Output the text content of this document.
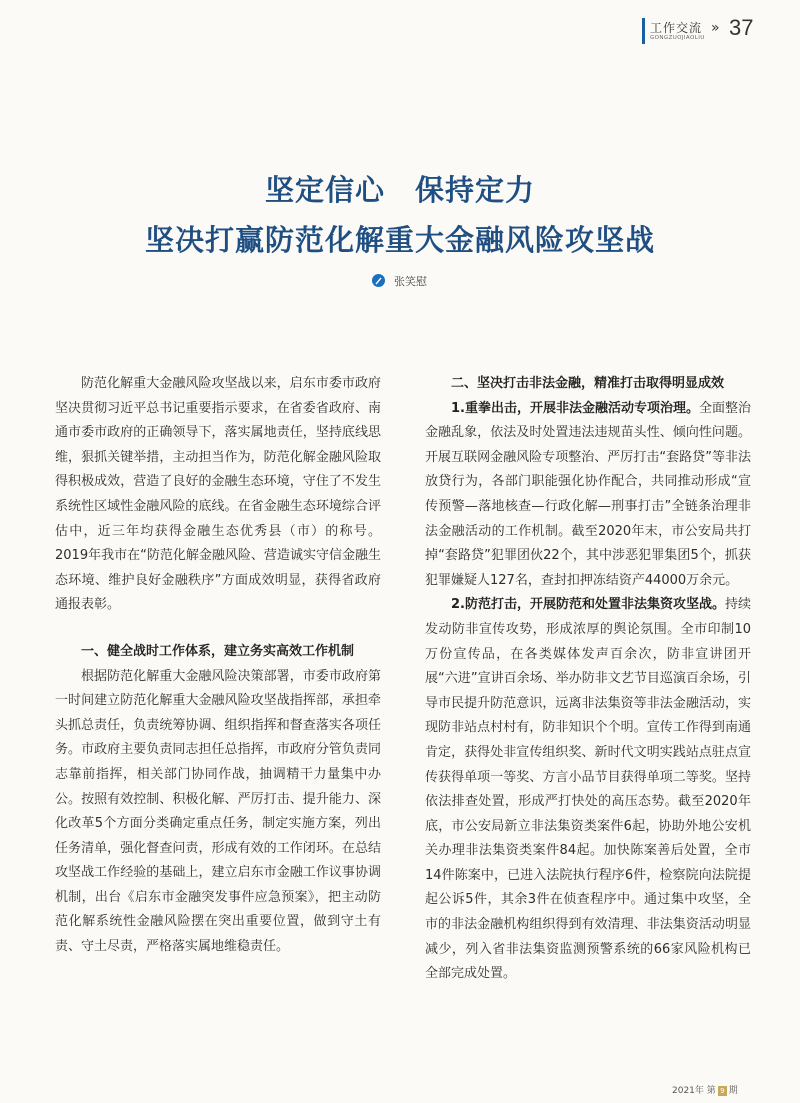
工作交流
GONGZUOJIAOLIU
» 37
坚定信心　保持定力
坚决打赢防范化解重大金融风险攻坚战
张笑慰

防范化解重大金融风险攻坚战以来，启东市委市政府坚决贯彻习近平总书记重要指示要求，在省委省政府、南通市委市政府的正确领导下，落实属地责任，坚持底线思维，狠抓关键举措，主动担当作为，防范化解金融风险取得积极成效，营造了良好的金融生态环境，守住了不发生系统性区域性金融风险的底线。在省金融生态环境综合评估中，近三年均获得金融生态优秀县（市）的称号。2019年我市在“防范化解金融风险、营造诚实守信金融生态环境、维护良好金融秩序”方面成效明显，获得省政府通报表彰。

一、健全战时工作体系，建立务实高效工作机制

根据防范化解重大金融风险决策部署，市委市政府第一时间建立防范化解重大金融风险攻坚战指挥部，承担牵头抓总责任，负责统筹协调、组织指挥和督查落实各项任务。市政府主要负责同志担任总指挥，市政府分管负责同志靠前指挥，相关部门协同作战，抽调精干力量集中办公。按照有效控制、积极化解、严厉打击、提升能力、深化改革5个方面分类确定重点任务，制定实施方案，列出任务清单，强化督查问责，形成有效的工作闭环。在总结攻坚战工作经验的基础上，建立启东市金融工作议事协调机制，出台《启东市金融突发事件应急预案》，把主动防范化解系统性金融风险摆在突出重要位置，做到守土有责、守土尽责，严格落实属地维稳责任。

二、坚决打击非法金融，精准打击取得明显成效

1.重拳出击，开展非法金融活动专项治理。全面整治金融乱象，依法及时处置违法违规苗头性、倾向性问题。开展互联网金融风险专项整治、严厉打击“套路贷”等非法放贷行为，各部门职能强化协作配合，共同推动形成“宣传预警—落地核查—行政化解—刑事打击”全链条治理非法金融活动的工作机制。截至2020年末，市公安局共打掉“套路贷”犯罪团伙22个，其中涉恶犯罪集团5个，抓获犯罪嫌疑人127名，查封扣押冻结资产44000万余元。

2.防范打击，开展防范和处置非法集资攻坚战。持续发动防非宣传攻势，形成浓厚的舆论氛围。全市印制10万份宣传品，在各类媒体发声百余次，防非宣讲团开展“六进”宣讲百余场、举办防非文艺节目巡演百余场，引导市民提升防范意识，远离非法集资等非法金融活动，实现防非站点村村有，防非知识个个明。宣传工作得到南通肯定，获得处非宣传组织奖、新时代文明实践站点驻点宣传获得单项一等奖、方言小品节目获得单项二等奖。坚持依法排查处置，形成严打快处的高压态势。截至2020年底，市公安局新立非法集资类案件6起，协助外地公安机关办理非法集资类案件84起。加快陈案善后处置，全市14件陈案中，已进入法院执行程序6件，检察院向法院提起公诉5件，其余3件在侦查程序中。通过集中攻坚，全市的非法金融机构组织得到有效清理、非法集资活动明显减少，列入省非法集资监测预警系统的66家风险机构已全部完成处置。

2021年 第 9 期
